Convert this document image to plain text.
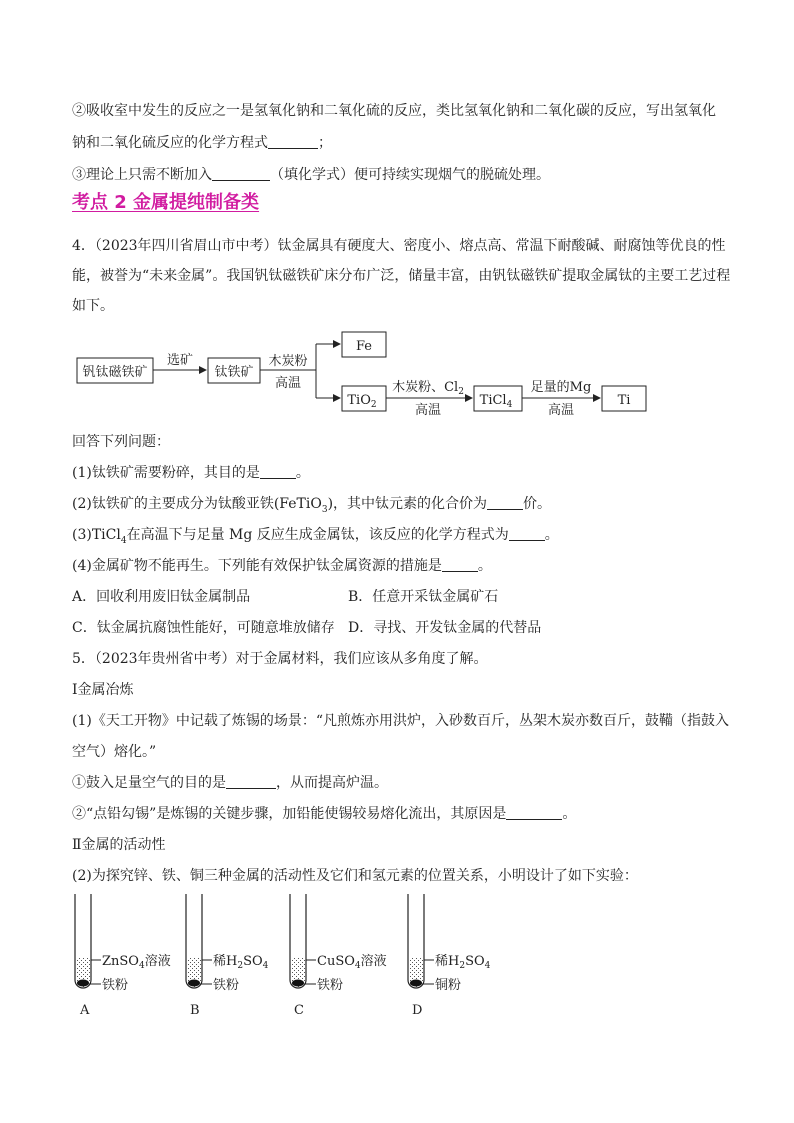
②吸收室中发生的反应之一是氢氧化钠和二氧化硫的反应，类比氢氧化钠和二氧化碳的反应，写出氢氧化
钠和二氧化硫反应的化学方程式	；
③理论上只需不断加入	（填化学式）便可持续实现烟气的脱硫处理。
考点 2 金属提纯制备类
4．（2023年四川省眉山市中考）钛金属具有硬度大、密度小、熔点高、常温下耐酸碱、耐腐蚀等优良的性
能，被誉为“未来金属”。我国钒钛磁铁矿床分布广泛，储量丰富，由钒钛磁铁矿提取金属钛的主要工艺过程
如下。
钒钛磁铁矿
选矿
钛铁矿
木炭粉
高温
Fe
TiO$_2$
木炭粉、$Cl_2$
高温
TiCl$_4$
足量的Mg
高温
Ti
回答下列问题：
(1)钛铁矿需要粉碎，其目的是	。
(2)钛铁矿的主要成分为钛酸亚铁(FeTiO$_3$)，其中钛元素的化合价为	价。
(3)TiCl$_4$在高温下与足量 Mg 反应生成金属钛，该反应的化学方程式为	。
(4)金属矿物不能再生。下列能有效保护钛金属资源的措施是	。
A．回收利用废旧钛金属制品	B．任意开采钛金属矿石
C．钛金属抗腐蚀性能好，可随意堆放储存 D．寻找、开发钛金属的代替品
5．（2023年贵州省中考）对于金属材料，我们应该从多角度了解。
Ⅰ金属冶炼
(1)《天工开物》中记载了炼锡的场景：“凡煎炼亦用洪炉，入砂数百斤，丛架木炭亦数百斤，鼓鞴（指鼓入
空气）熔化。”
①鼓入足量空气的目的是	，从而提高炉温。
②“点铅勾锡”是炼锡的关键步骤，加铅能使锡较易熔化流出，其原因是	。
Ⅱ金属的活动性
(2)为探究锌、铁、铜三种金属的活动性及它们和氢元素的位置关系，小明设计了如下实验：
ZnSO$_4$溶液
铁粉
A
稀$H_2SO_4$
铁粉
B
CuSO$_4$溶液
铁粉
C
稀$H_2SO_4$
铜粉
D
